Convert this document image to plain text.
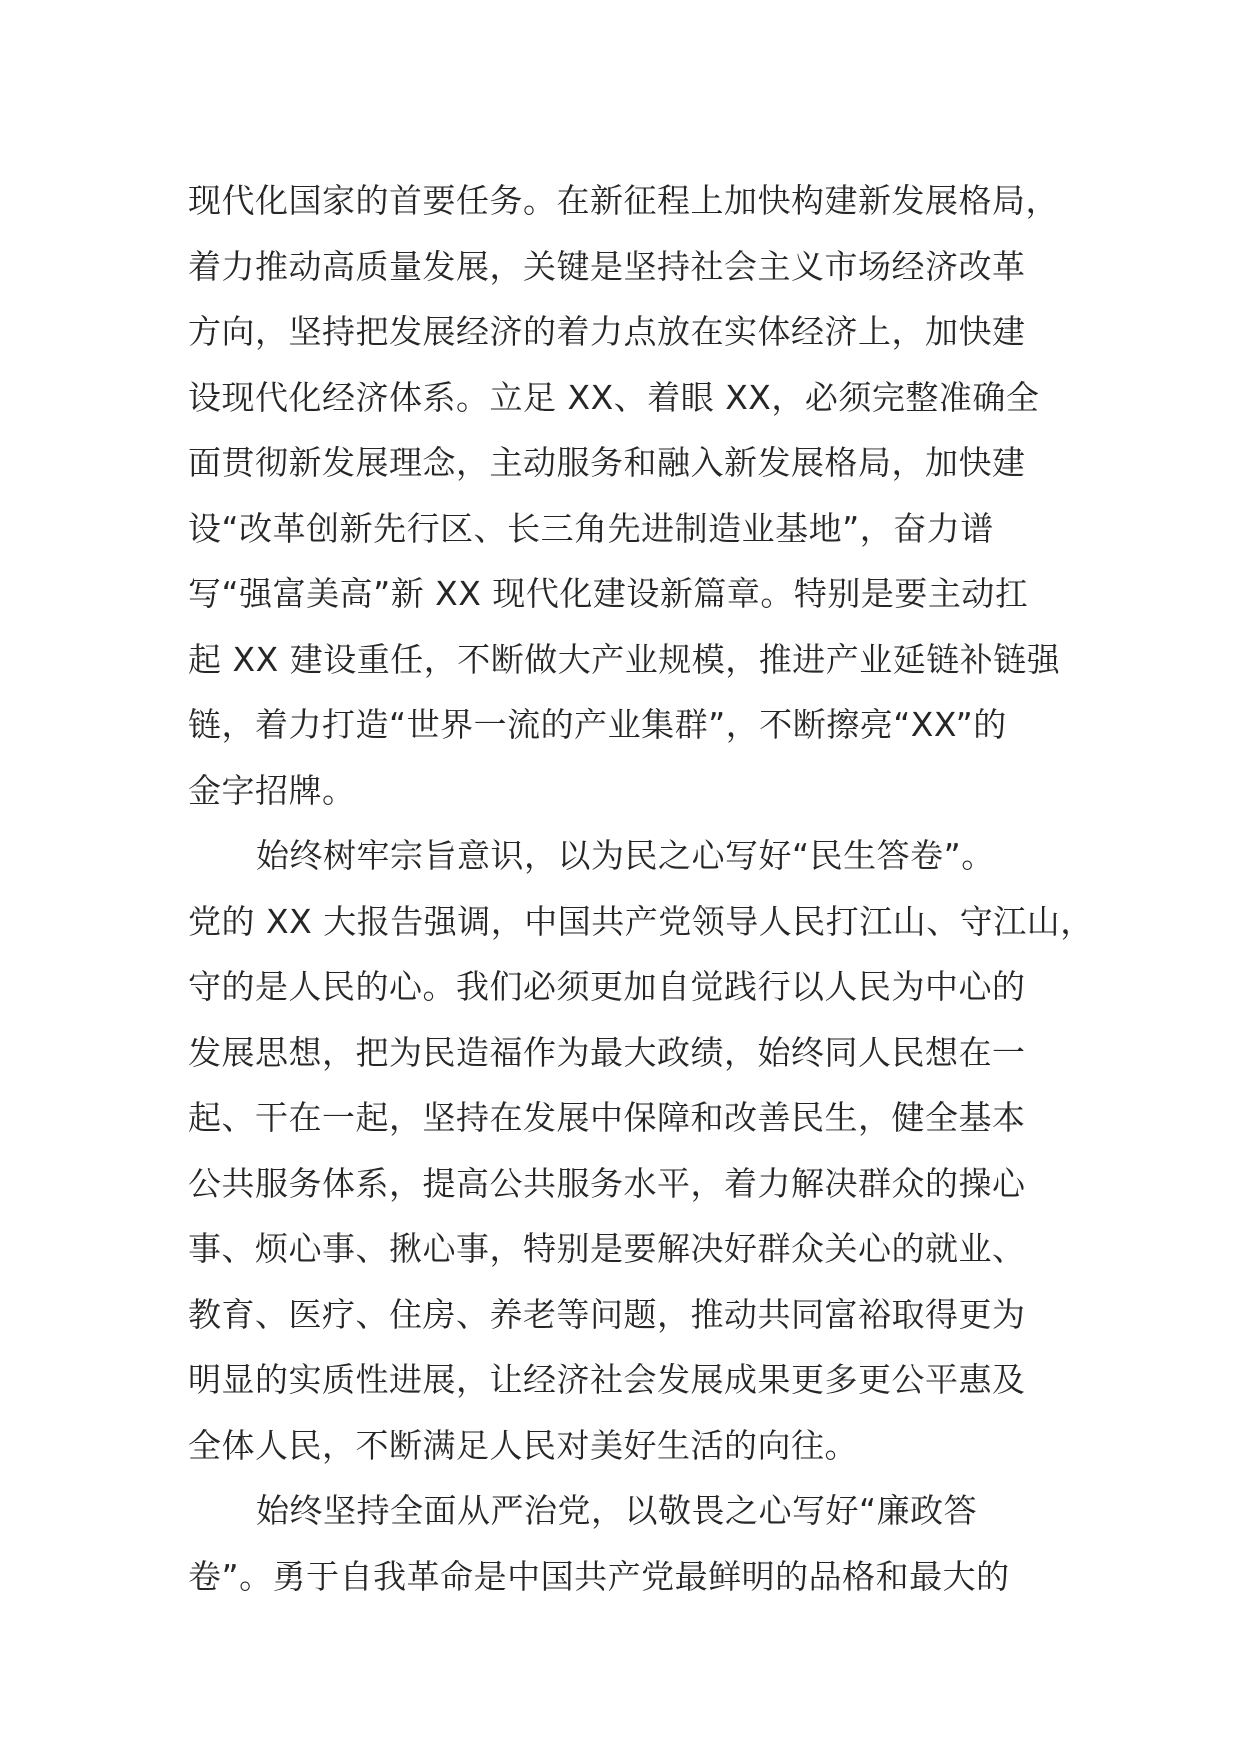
现代化国家的首要任务。在新征程上加快构建新发展格局，
着力推动高质量发展，关键是坚持社会主义市场经济改革
方向，坚持把发展经济的着力点放在实体经济上，加快建
设现代化经济体系。立足 XX、着眼 XX，必须完整准确全
面贯彻新发展理念，主动服务和融入新发展格局，加快建
设“改革创新先行区、长三角先进制造业基地”，奋力谱
写“强富美高”新 XX 现代化建设新篇章。特别是要主动扛
起 XX 建设重任，不断做大产业规模，推进产业延链补链强
链，着力打造“世界一流的产业集群”，不断擦亮“XX”的
金字招牌。
始终树牢宗旨意识，以为民之心写好“民生答卷”。
党的 XX 大报告强调，中国共产党领导人民打江山、守江山，
守的是人民的心。我们必须更加自觉践行以人民为中心的
发展思想，把为民造福作为最大政绩，始终同人民想在一
起、干在一起，坚持在发展中保障和改善民生，健全基本
公共服务体系，提高公共服务水平，着力解决群众的操心
事、烦心事、揪心事，特别是要解决好群众关心的就业、
教育、医疗、住房、养老等问题，推动共同富裕取得更为
明显的实质性进展，让经济社会发展成果更多更公平惠及
全体人民，不断满足人民对美好生活的向往。
始终坚持全面从严治党，以敬畏之心写好“廉政答
卷”。勇于自我革命是中国共产党最鲜明的品格和最大的
